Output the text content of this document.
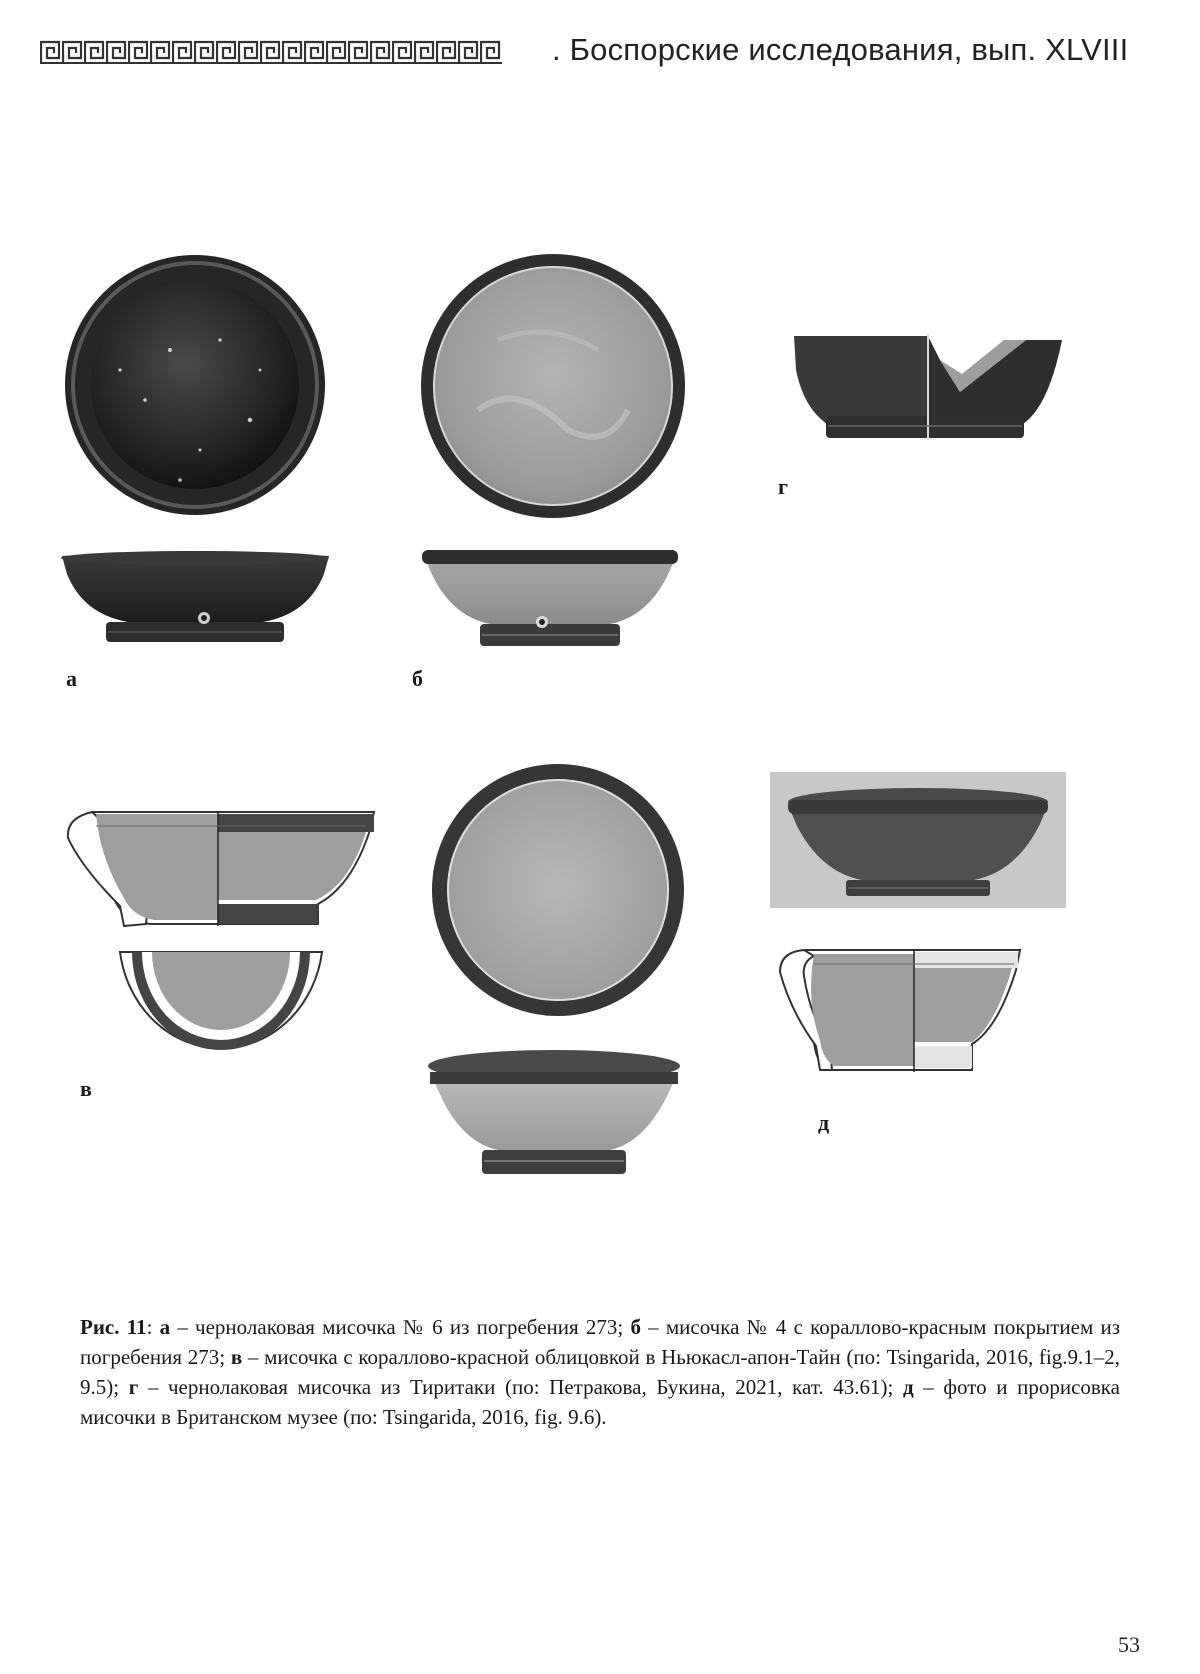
. Боспорские исследования, вып. XLVIII
а	б
г
в
д
Рис. 11: а – чернолаковая мисочка № 6 из погребения 273; б – мисочка № 4 с кораллово-красным покрытием из погребения 273; в – мисочка с кораллово-красной облицовкой в Ньюкасл-апон-Тайн (по: Tsingarida, 2016, fig.9.1–2, 9.5); г – чернолаковая мисочка из Тиритаки (по: Петракова, Букина, 2021, кат. 43.61); д – фото и прорисовка мисочки в Британском музее (по: Tsingarida, 2016, fig. 9.6).
53
